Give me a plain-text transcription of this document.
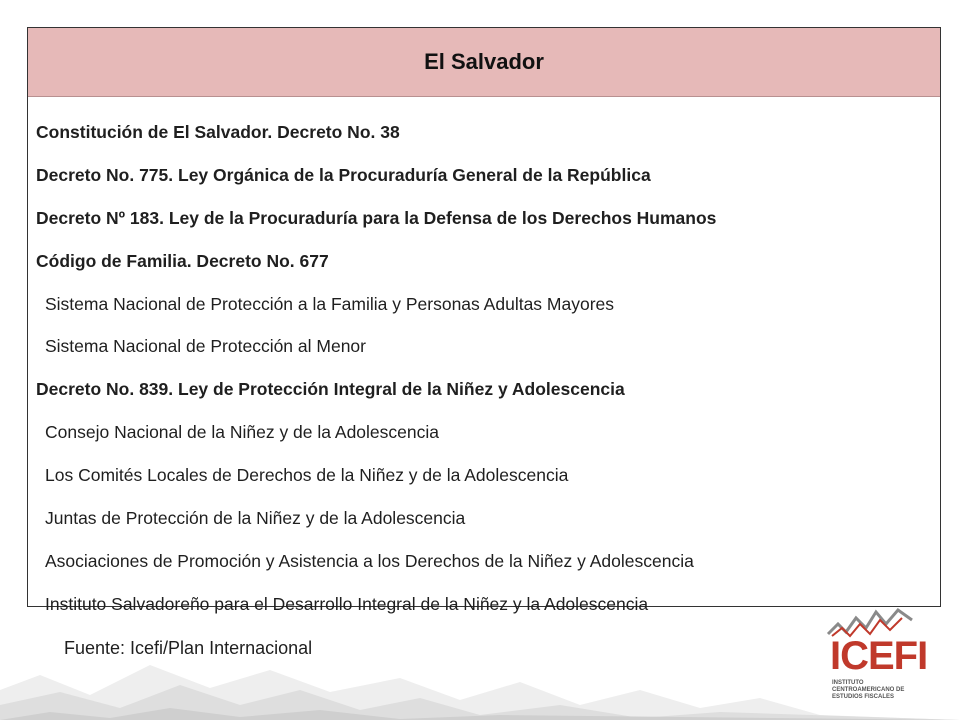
El Salvador
Constitución de El Salvador. Decreto No. 38
Decreto No. 775. Ley Orgánica de la Procuraduría General de la República
Decreto Nº 183. Ley de la Procuraduría para la Defensa de los Derechos Humanos
Código de Familia. Decreto No. 677
Sistema Nacional de Protección a la Familia y Personas Adultas Mayores
Sistema Nacional de Protección al Menor
Decreto No. 839. Ley de Protección Integral de la Niñez y Adolescencia
Consejo Nacional de la Niñez y de la Adolescencia
Los Comités Locales de Derechos de la Niñez y de la Adolescencia
Juntas de Protección de la Niñez y de la Adolescencia
Asociaciones de Promoción y Asistencia a los Derechos de la Niñez y Adolescencia
Instituto Salvadoreño para el Desarrollo Integral de la Niñez y la Adolescencia
Fuente: Icefi/Plan Internacional	ICEFI
INSTITUTO CENTROAMERICANO DE ESTUDIOS FISCALES
